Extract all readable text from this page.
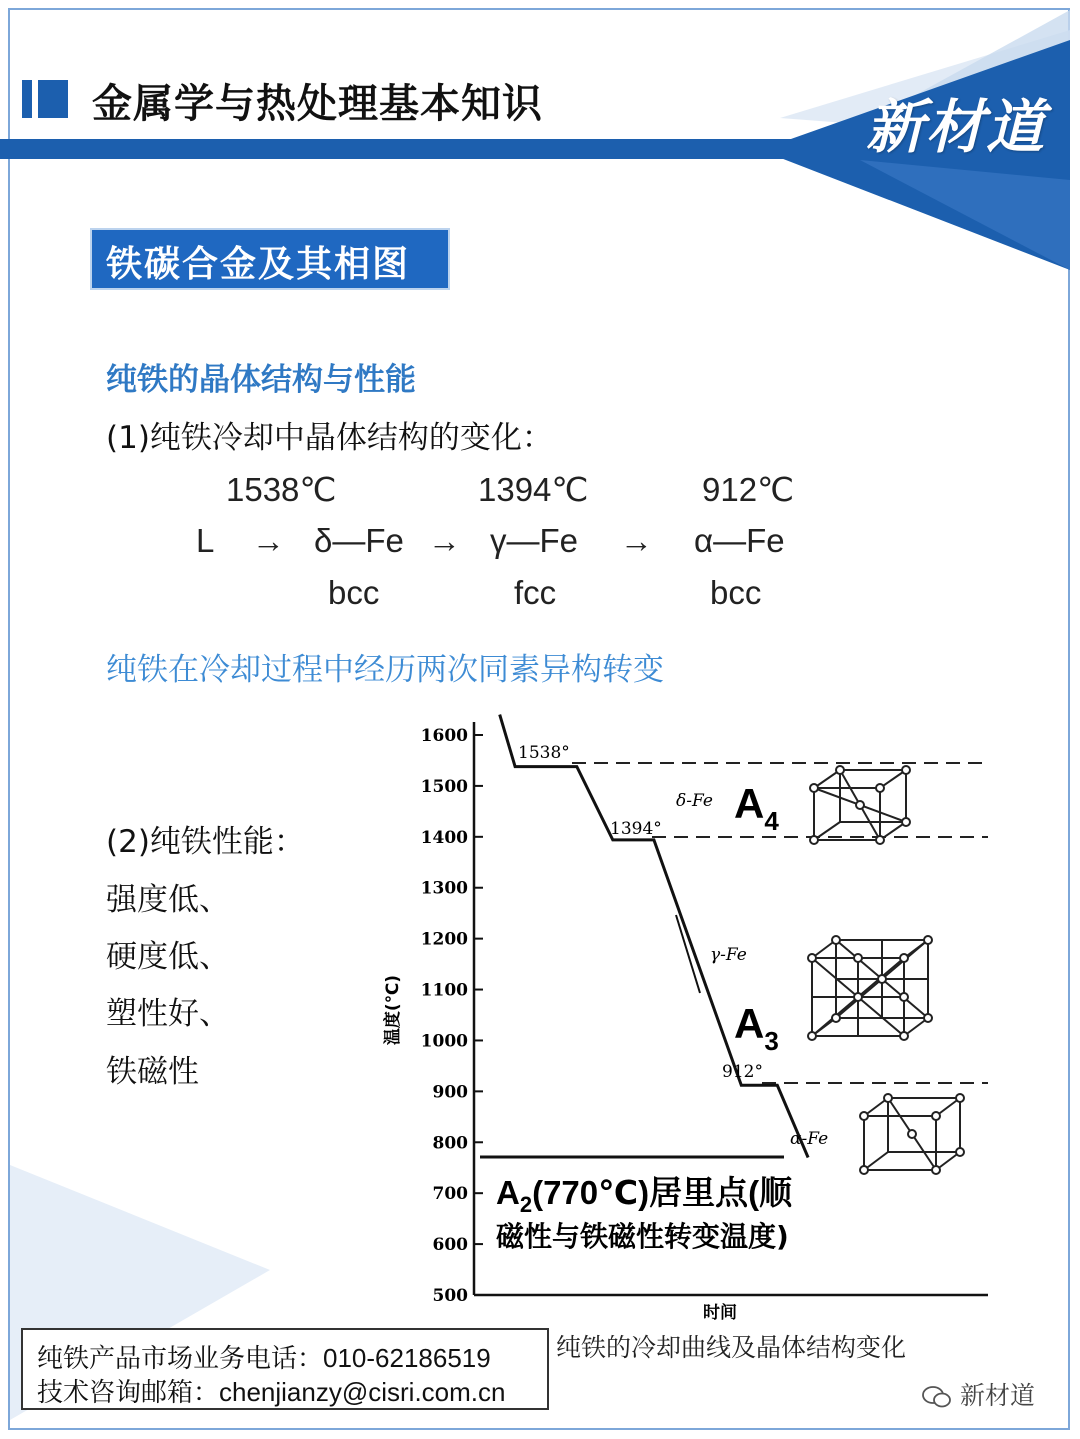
金属学与热处理基本知识	新材道
铁碳合金及其相图
纯铁的晶体结构与性能
(1)纯铁冷却中晶体结构的变化：
1538℃	1394℃	912℃
L → δ—Fe → γ—Fe → α—Fe
bcc	fcc	bcc
纯铁在冷却过程中经历两次同素异构转变
(2)纯铁性能：
强度低、
硬度低、
塑性好、
铁磁性
1600
1500
1400
1300
1200
1100
1000
900
800
700
600
500
温度(℃)
时间
1538°
1394°
912°
δ-Fe
γ-Fe
α-Fe
$A_4$
$A_3$
$A_2(770℃)$居里点(顺
磁性与铁磁性转变温度)
纯铁产品市场业务电话：010-62186519
技术咨询邮箱：chenjianzy@cisri.com.cn
纯铁的冷却曲线及晶体结构变化
新材道
